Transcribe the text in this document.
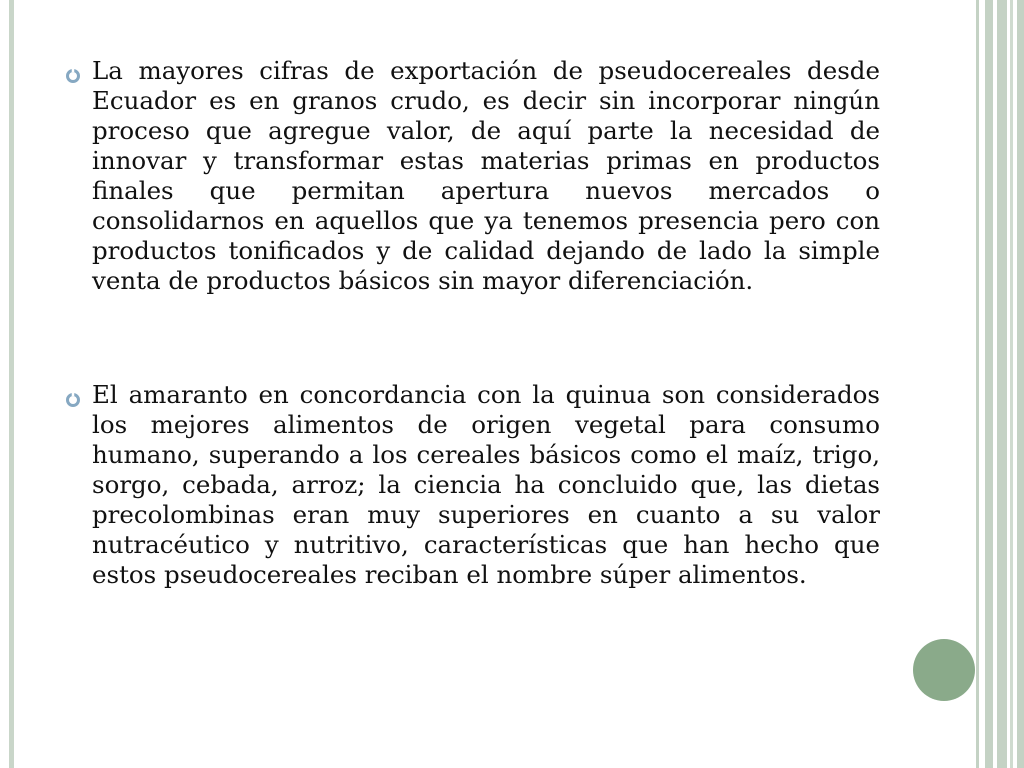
La mayores cifras de exportación de pseudocereales desde Ecuador es en granos crudo, es decir sin incorporar ningún proceso que agregue valor, de aquí parte la necesidad de innovar y transformar estas materias primas en productos finales que permitan apertura nuevos mercados o consolidarnos en aquellos que ya tenemos presencia pero con productos tonificados y de calidad dejando de lado la simple venta de productos básicos sin mayor diferenciación.

El amaranto en concordancia con la quinua son considerados los mejores alimentos de origen vegetal para consumo humano, superando a los cereales básicos como el maíz, trigo, sorgo, cebada, arroz; la ciencia ha concluido que, las dietas precolombinas eran muy superiores en cuanto a su valor nutracéutico y nutritivo, características que han hecho que estos pseudocereales reciban el nombre súper alimentos.
